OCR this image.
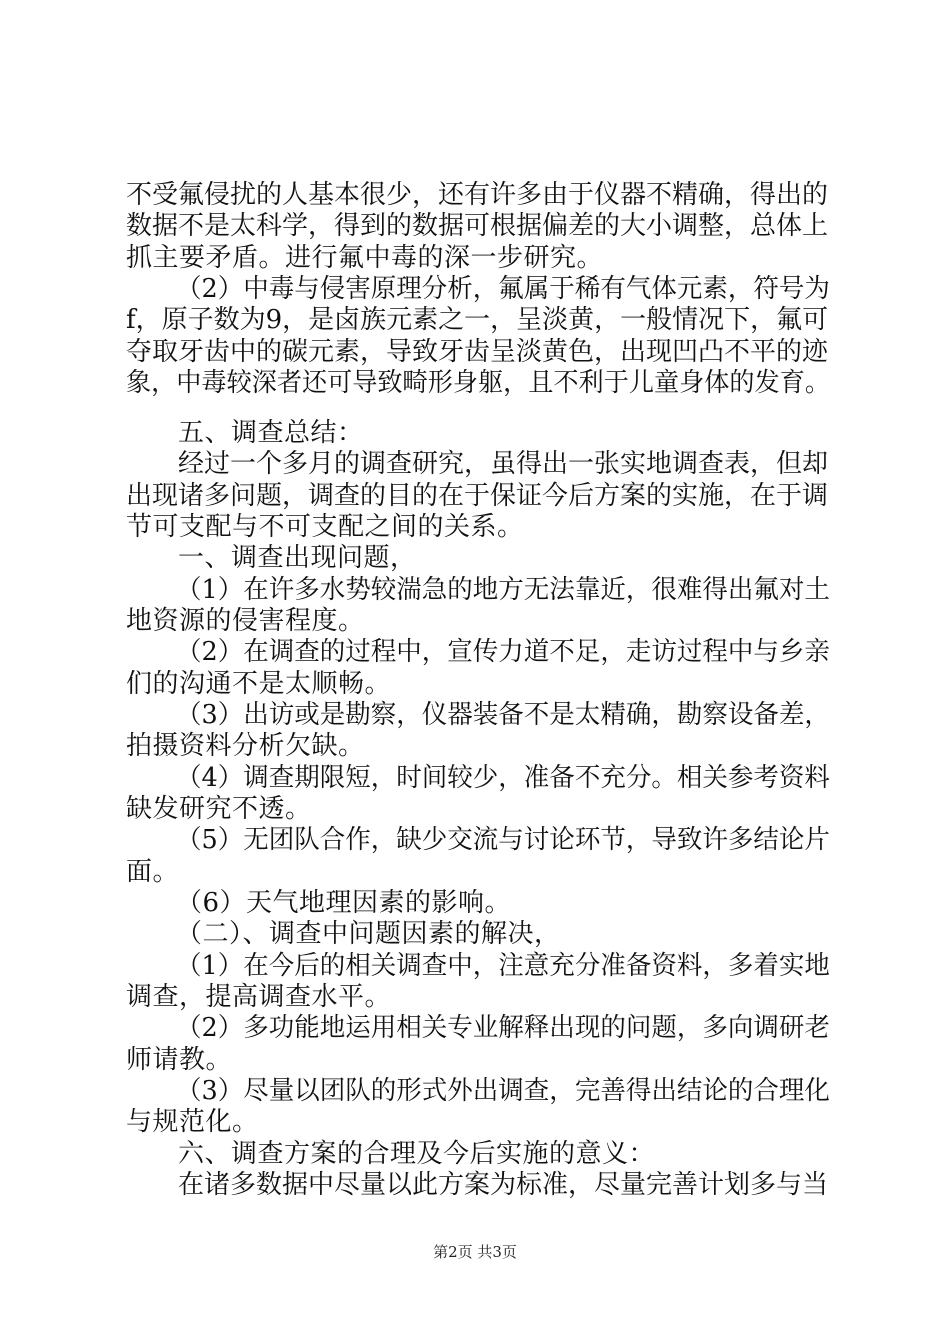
不受氟侵扰的人基本很少，还有许多由于仪器不精确，得出的
数据不是太科学，得到的数据可根据偏差的大小调整，总体上
抓主要矛盾。进行氟中毒的深一步研究。
（2）中毒与侵害原理分析，氟属于稀有气体元素，符号为
f，原子数为9，是卤族元素之一，呈淡黄，一般情况下，氟可
夺取牙齿中的碳元素，导致牙齿呈淡黄色，出现凹凸不平的迹
象，中毒较深者还可导致畸形身躯，且不利于儿童身体的发育。
五、调查总结：
经过一个多月的调查研究，虽得出一张实地调查表，但却
出现诸多问题，调查的目的在于保证今后方案的实施，在于调
节可支配与不可支配之间的关系。
一、调查出现问题，
（1）在许多水势较湍急的地方无法靠近，很难得出氟对土
地资源的侵害程度。
（2）在调查的过程中，宣传力道不足，走访过程中与乡亲
们的沟通不是太顺畅。
（3）出访或是勘察，仪器装备不是太精确，勘察设备差，
拍摄资料分析欠缺。
（4）调查期限短，时间较少，准备不充分。相关参考资料
缺发研究不透。
（5）无团队合作，缺少交流与讨论环节，导致许多结论片
面。
（6）天气地理因素的影响。
（二）、调查中问题因素的解决，
（1）在今后的相关调查中，注意充分准备资料，多着实地
调查，提高调查水平。
（2）多功能地运用相关专业解释出现的问题，多向调研老
师请教。
（3）尽量以团队的形式外出调查，完善得出结论的合理化
与规范化。
六、调查方案的合理及今后实施的意义：
在诸多数据中尽量以此方案为标准，尽量完善计划多与当
第2页 共3页
